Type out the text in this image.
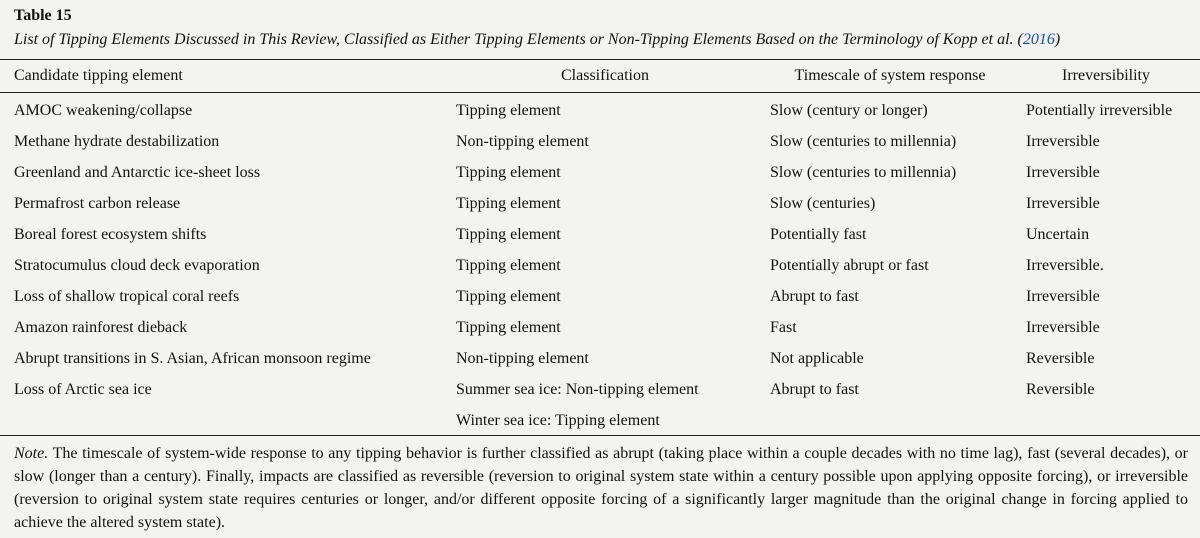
Table 15
List of Tipping Elements Discussed in This Review, Classified as Either Tipping Elements or Non-Tipping Elements Based on the Terminology of Kopp et al. (2016)
Candidate tipping element	Classification	Timescale of system response	Irreversibility
AMOC weakening/collapse	Tipping element	Slow (century or longer)	Potentially irreversible
Methane hydrate destabilization	Non-tipping element	Slow (centuries to millennia)	Irreversible
Greenland and Antarctic ice-sheet loss	Tipping element	Slow (centuries to millennia)	Irreversible
Permafrost carbon release	Tipping element	Slow (centuries)	Irreversible
Boreal forest ecosystem shifts	Tipping element	Potentially fast	Uncertain
Stratocumulus cloud deck evaporation	Tipping element	Potentially abrupt or fast	Irreversible.
Loss of shallow tropical coral reefs	Tipping element	Abrupt to fast	Irreversible
Amazon rainforest dieback	Tipping element	Fast	Irreversible
Abrupt transitions in S. Asian, African monsoon regime	Non-tipping element	Not applicable	Reversible
Loss of Arctic sea ice	Summer sea ice: Non-tipping element	Abrupt to fast	Reversible
Winter sea ice: Tipping element
Note. The timescale of system-wide response to any tipping behavior is further classified as abrupt (taking place within a couple decades with no time lag), fast (several decades), or slow (longer than a century). Finally, impacts are classified as reversible (reversion to original system state within a century possible upon applying opposite forcing), or irreversible (reversion to original system state requires centuries or longer, and/or different opposite forcing of a significantly larger magnitude than the original change in forcing applied to achieve the altered system state).
